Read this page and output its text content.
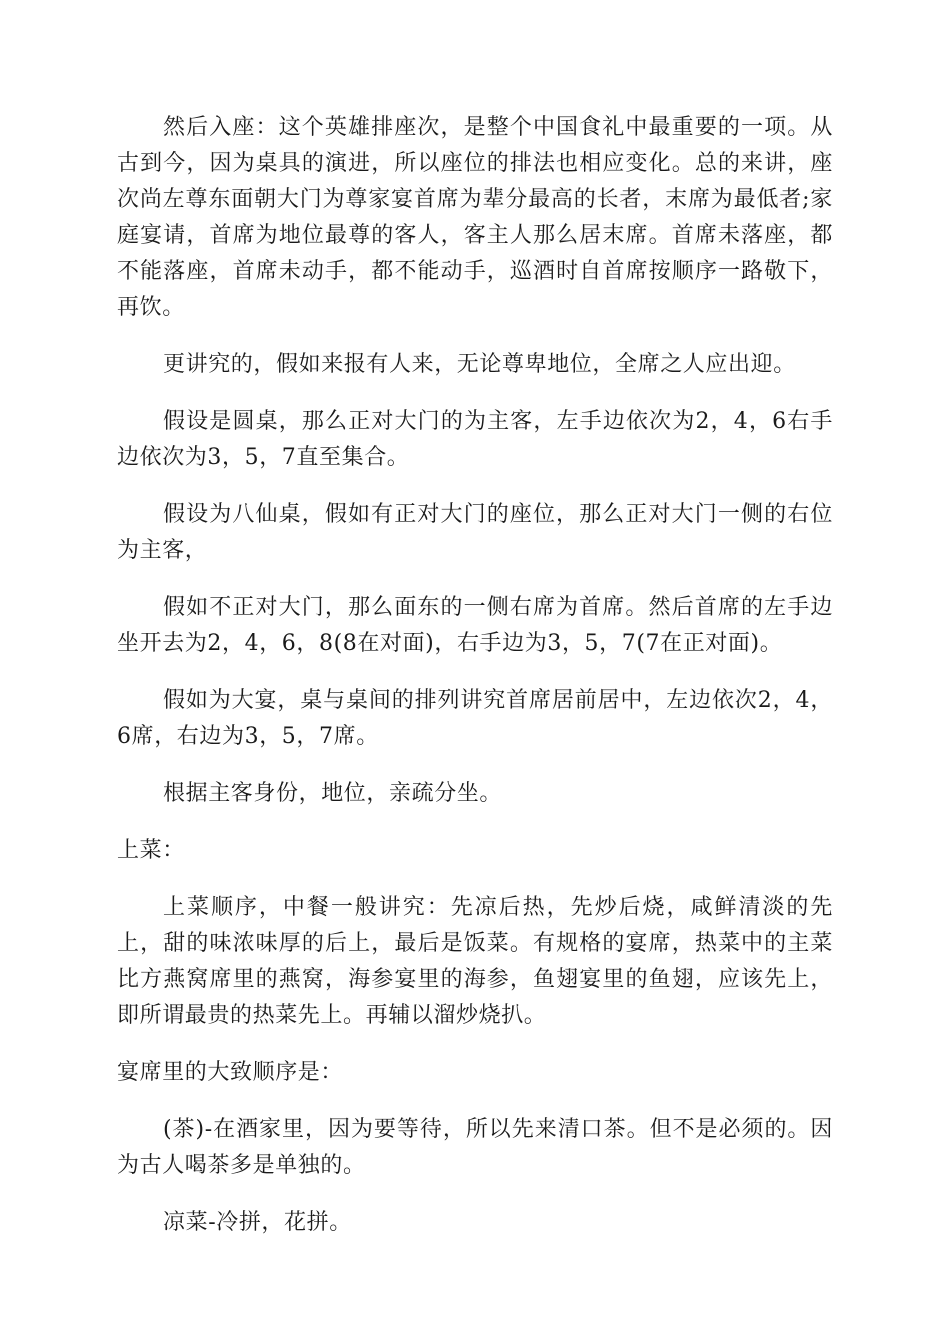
然后入座：这个英雄排座次，是整个中国食礼中最重要的一项。从古到今，因为桌具的演进，所以座位的排法也相应变化。总的来讲，座次尚左尊东面朝大门为尊家宴首席为辈分最高的长者，末席为最低者;家庭宴请，首席为地位最尊的客人，客主人那么居末席。首席未落座，都不能落座，首席未动手，都不能动手，巡酒时自首席按顺序一路敬下，再饮。

更讲究的，假如来报有人来，无论尊卑地位，全席之人应出迎。

假设是圆桌，那么正对大门的为主客，左手边依次为2，4，6右手边依次为3，5，7直至集合。

假设为八仙桌，假如有正对大门的座位，那么正对大门一侧的右位为主客，

假如不正对大门，那么面东的一侧右席为首席。然后首席的左手边坐开去为2，4，6，8(8在对面)，右手边为3，5，7(7在正对面)。

假如为大宴，桌与桌间的排列讲究首席居前居中，左边依次2，4，6席，右边为3，5，7席。

根据主客身份，地位，亲疏分坐。

上菜：

上菜顺序，中餐一般讲究：先凉后热，先炒后烧，咸鲜清淡的先上，甜的味浓味厚的后上，最后是饭菜。有规格的宴席，热菜中的主菜比方燕窝席里的燕窝，海参宴里的海参，鱼翅宴里的鱼翅，应该先上，即所谓最贵的热菜先上。再辅以溜炒烧扒。

宴席里的大致顺序是：

(茶)-在酒家里，因为要等待，所以先来清口茶。但不是必须的。因为古人喝茶多是单独的。

凉菜-冷拼，花拼。
